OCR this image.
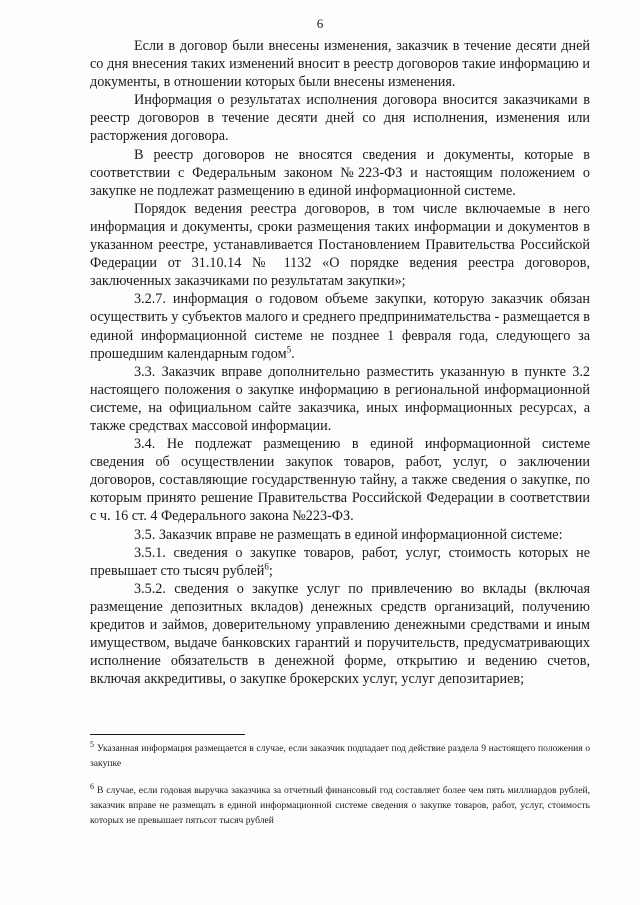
6

Если в договор были внесены изменения, заказчик в течение десяти дней со дня внесения таких изменений вносит в реестр договоров такие информацию и документы, в отношении которых были внесены изменения.

Информация о результатах исполнения договора вносится заказчиками в реестр договоров в течение десяти дней со дня исполнения, изменения или расторжения договора.

В реестр договоров не вносятся сведения и документы, которые в соответствии с Федеральным законом №223-ФЗ и настоящим положением о закупке не подлежат размещению в единой информационной системе.

Порядок ведения реестра договоров, в том числе включаемые в него информация и документы, сроки размещения таких информации и документов в указанном реестре, устанавливается Постановлением Правительства Российской Федерации от 31.10.14 № 1132 «О порядке ведения реестра договоров, заключенных заказчиками по результатам закупки»;

3.2.7. информация о годовом объеме закупки, которую заказчик обязан осуществить у субъектов малого и среднего предпринимательства - размещается в единой информационной системе не позднее 1 февраля года, следующего за прошедшим календарным годом$^5$.

3.3. Заказчик вправе дополнительно разместить указанную в пункте 3.2 настоящего положения о закупке информацию в региональной информационной системе, на официальном сайте заказчика, иных информационных ресурсах, а также средствах массовой информации.

3.4. Не подлежат размещению в единой информационной системе сведения об осуществлении закупок товаров, работ, услуг, о заключении договоров, составляющие государственную тайну, а также сведения о закупке, по которым принято решение Правительства Российской Федерации в соответствии с ч. 16 ст. 4 Федерального закона №223-ФЗ.

3.5. Заказчик вправе не размещать в единой информационной системе:

3.5.1. сведения о закупке товаров, работ, услуг, стоимость которых не превышает сто тысяч рублей$^6$;

3.5.2. сведения о закупке услуг по привлечению во вклады (включая размещение депозитных вкладов) денежных средств организаций, получению кредитов и займов, доверительному управлению денежными средствами и иным имуществом, выдаче банковских гарантий и поручительств, предусматривающих исполнение обязательств в денежной форме, открытию и ведению счетов, включая аккредитивы, о закупке брокерских услуг, услуг депозитариев;

$^5$ Указанная информация размещается в случае, если заказчик подпадает под действие раздела 9 настоящего положения о закупке

$^6$ В случае, если годовая выручка заказчика за отчетный финансовый год составляет более чем пять миллиардов рублей, заказчик вправе не размещать в единой информационной системе сведения о закупке товаров, работ, услуг, стоимость которых не превышает пятьсот тысяч рублей
